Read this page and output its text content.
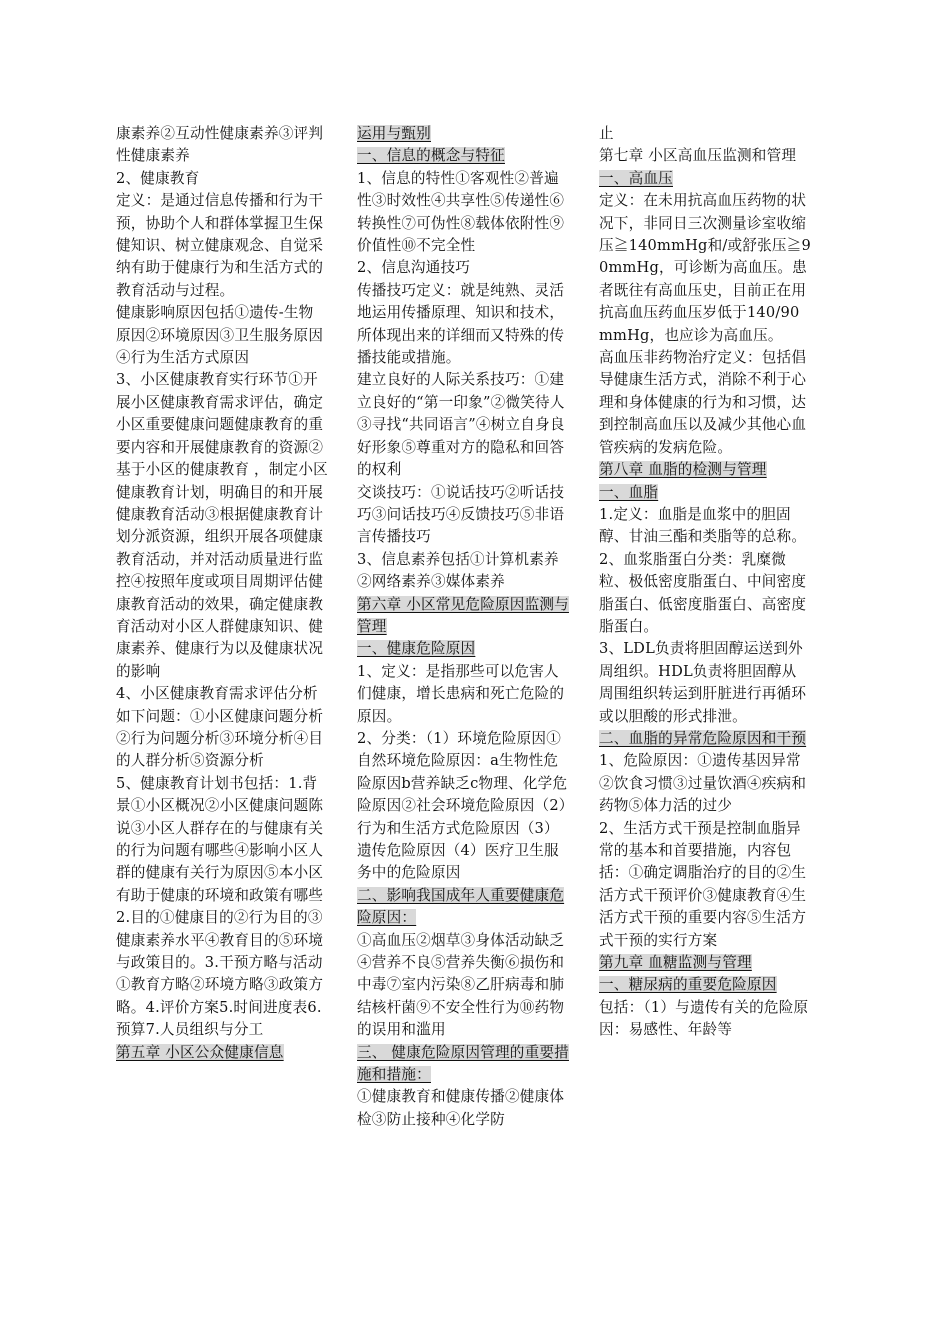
康素养②互动性健康素养③评判性健康素养

2、健康教育

定义：是通过信息传播和行为干预，协助个人和群体掌握卫生保健知识、树立健康观念、自觉采纳有助于健康行为和生活方式的教育活动与过程。

健康影响原因包括①遗传-生物原因②环境原因③卫生服务原因④行为生活方式原因

3、小区健康教育实行环节①开展小区健康教育需求评估，确定小区重要健康问题健康教育的重要内容和开展健康教育的资源②基于小区的健康教育 ，制定小区健康教育计划，明确目的和开展健康教育活动③根据健康教育计划分派资源，组织开展各项健康教育活动，并对活动质量进行监控④按照年度或项目周期评估健康教育活动的效果，确定健康教育活动对小区人群健康知识、健康素养、健康行为以及健康状况的影响

4、小区健康教育需求评估分析如下问题：①小区健康问题分析②行为问题分析③环境分析④目的人群分析⑤资源分析

5、健康教育计划书包括：1.背景①小区概况②小区健康问题陈说③小区人群存在的与健康有关的行为问题有哪些④影响小区人群的健康有关行为原因⑤本小区有助于健康的环境和政策有哪些2.目的①健康目的②行为目的③健康素养水平④教育目的⑤环境与政策目的。3.干预方略与活动①教育方略②环境方略③政策方略。4.评价方案5.时间进度表6.预算7.人员组织与分工

第五章 小区公众健康信息

运用与甄别

一、信息的概念与特征

1、信息的特性①客观性②普遍性③时效性④共享性⑤传递性⑥转换性⑦可伪性⑧载体依附性⑨价值性⑩不完全性

2、信息沟通技巧

传播技巧定义：就是纯熟、灵活地运用传播原理、知识和技术，所体现出来的详细而又特殊的传播技能或措施。

建立良好的人际关系技巧：①建立良好的“第一印象”②微笑待人③寻找“共同语言”④树立自身良好形象⑤尊重对方的隐私和回答的权利

交谈技巧：①说话技巧②听话技巧③问话技巧④反馈技巧⑤非语言传播技巧

3、信息素养包括①计算机素养②网络素养③媒体素养

第六章 小区常见危险原因监测与管理

一、健康危险原因

1、定义：是指那些可以危害人们健康，增长患病和死亡危险的原因。

2、分类：（1）环境危险原因①自然环境危险原因：a生物性危险原因b营养缺乏c物理、化学危险原因②社会环境危险原因（2）行为和生活方式危险原因（3）遗传危险原因（4）医疗卫生服务中的危险原因

二、影响我国成年人重要健康危险原因：

①高血压②烟草③身体活动缺乏④营养不良⑤营养失衡⑥损伤和中毒⑦室内污染⑧乙肝病毒和肺结核杆菌⑨不安全性行为⑩药物的误用和滥用

三、 健康危险原因管理的重要措施和措施：

①健康教育和健康传播②健康体检③防止接种④化学防

止

第七章 小区高血压监测和管理

一、高血压

定义：在未用抗高血压药物的状况下，非同日三次测量诊室收缩压≧140mmHg和/或舒张压≧90mmHg，可诊断为高血压。患者既往有高血压史，目前正在用抗高血压药血压岁低于140/90mmHg，也应诊为高血压。

高血压非药物治疗定义：包括倡导健康生活方式，消除不利于心理和身体健康的行为和习惯，达到控制高血压以及减少其他心血管疾病的发病危险。

第八章 血脂的检测与管理

一、血脂

1.定义：血脂是血浆中的胆固醇、甘油三酯和类脂等的总称。

2、血浆脂蛋白分类：乳糜微粒、极低密度脂蛋白、中间密度脂蛋白、低密度脂蛋白、高密度脂蛋白。

3、LDL负责将胆固醇运送到外周组织。HDL负责将胆固醇从周围组织转运到肝脏进行再循环或以胆酸的形式排泄。

二、血脂的异常危险原因和干预

1、危险原因：①遗传基因异常②饮食习惯③过量饮酒④疾病和药物⑤体力活的过少

2、生活方式干预是控制血脂异常的基本和首要措施，内容包括：①确定调脂治疗的目的②生活方式干预评价③健康教育④生活方式干预的重要内容⑤生活方式干预的实行方案

第九章 血糖监测与管理

一、糖尿病的重要危险原因

包括：（1）与遗传有关的危险原因：易感性、年龄等
